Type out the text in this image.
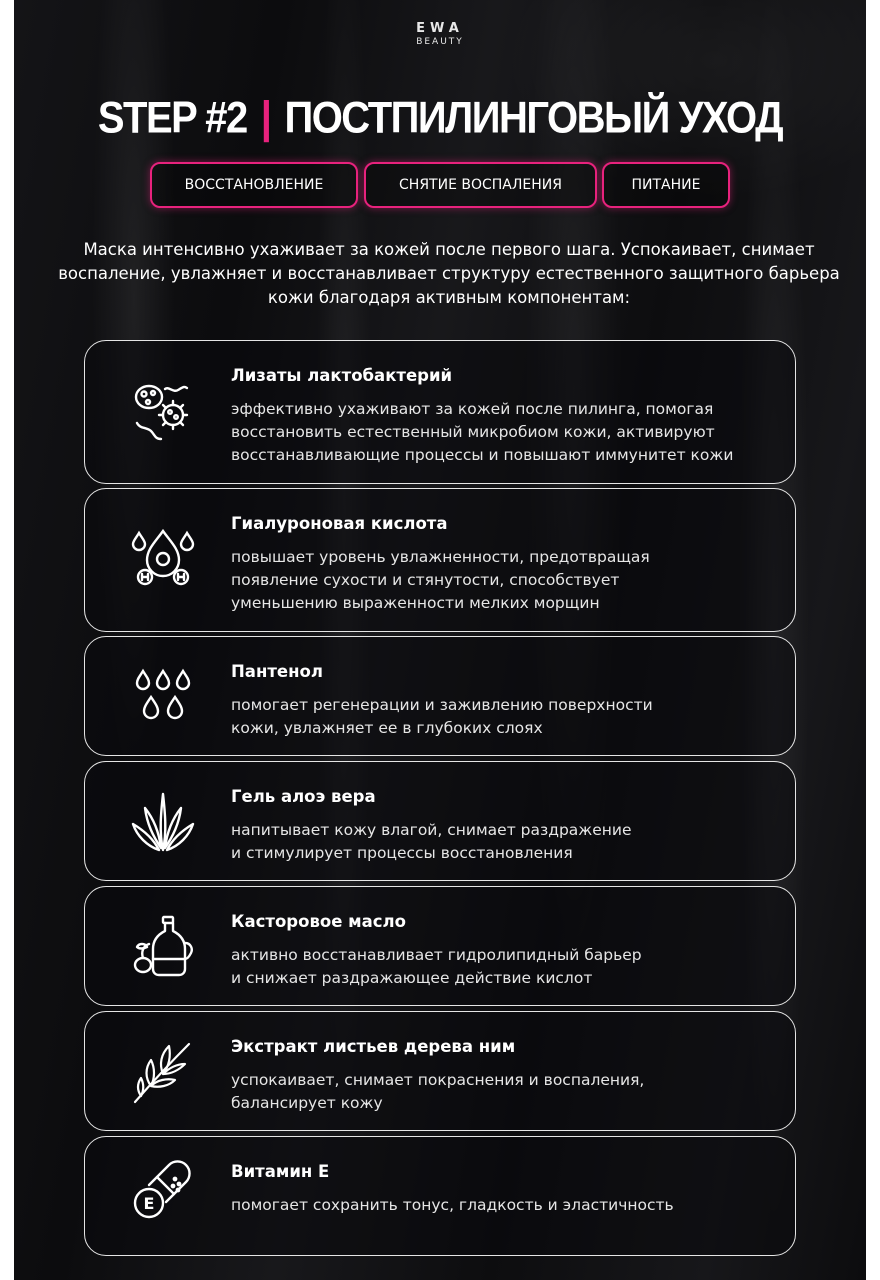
EWA
BEAUTY
STEP #2 | ПОСТПИЛИНГОВЫЙ УХОД
ВОССТАНОВЛЕНИЕ	СНЯТИЕ ВОСПАЛЕНИЯ	ПИТАНИЕ
Маска интенсивно ухаживает за кожей после первого шага. Успокаивает, снимает воспаление, увлажняет и восстанавливает структуру естественного защитного барьера кожи благодаря активным компонентам:
Лизаты лактобактерий
эффективно ухаживают за кожей после пилинга, помогая
восстановить естественный микробиом кожи, активируют
восстанавливающие процессы и повышают иммунитет кожи
Гиалуроновая кислота
повышает уровень увлажненности, предотвращая
появление сухости и стянутости, способствует
уменьшению выраженности мелких морщин
Пантенол
помогает регенерации и заживлению поверхности
кожи, увлажняет ее в глубоких слоях
Гель алоэ вера
напитывает кожу влагой, снимает раздражение
и стимулирует процессы восстановления
Касторовое масло
активно восстанавливает гидролипидный барьер
и снижает раздражающее действие кислот
Экстракт листьев дерева ним
успокаивает, снимает покраснения и воспаления,
балансирует кожу
E
Витамин Е
помогает сохранить тонус, гладкость и эластичность
